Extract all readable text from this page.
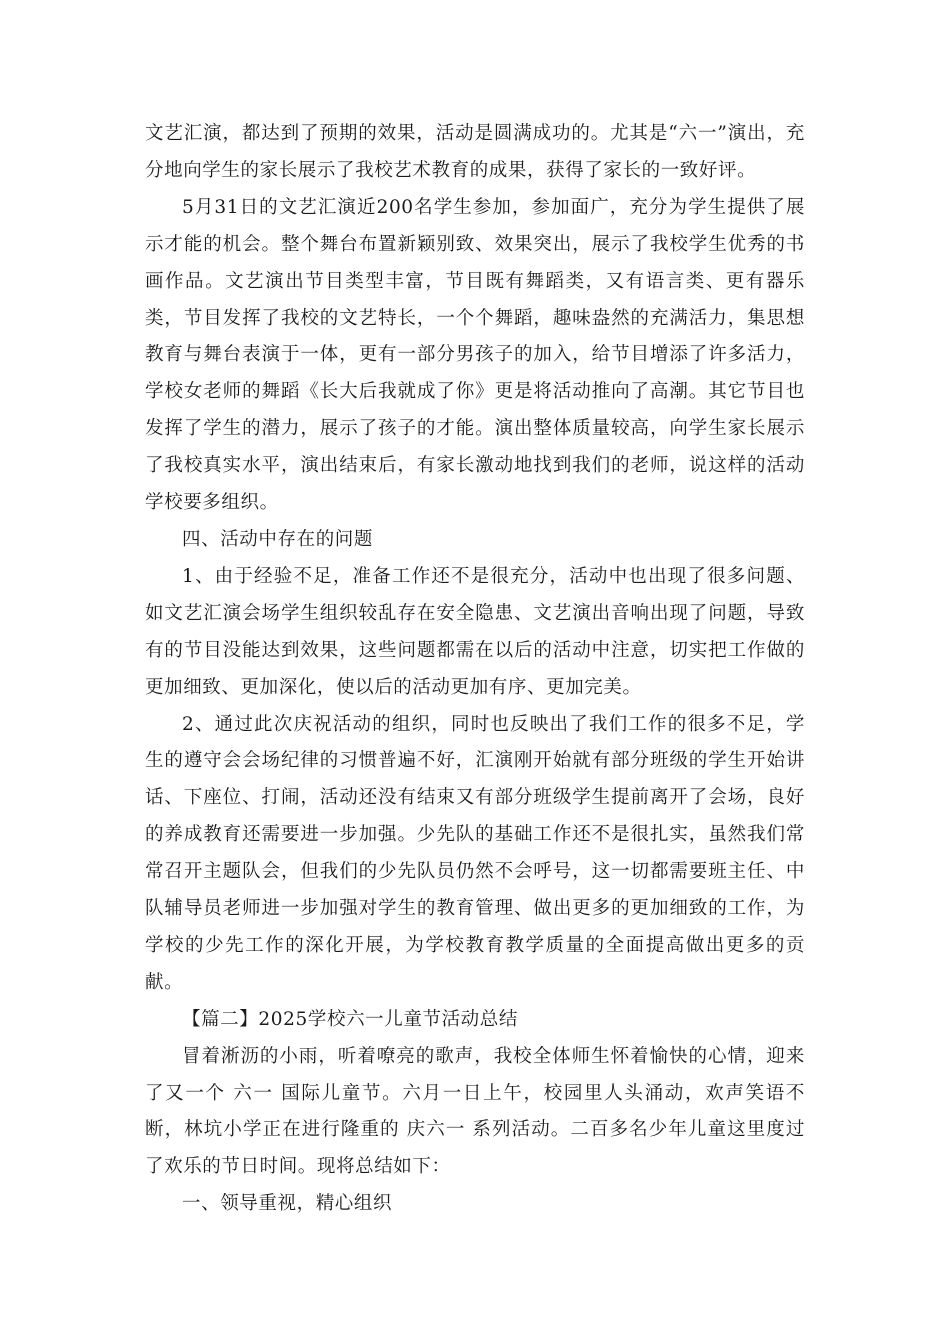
文艺汇演，都达到了预期的效果，活动是圆满成功的。尤其是“六一”演出，充分地向学生的家长展示了我校艺术教育的成果，获得了家长的一致好评。

5月31日的文艺汇演近200名学生参加，参加面广，充分为学生提供了展示才能的机会。整个舞台布置新颖别致、效果突出，展示了我校学生优秀的书画作品。文艺演出节目类型丰富，节目既有舞蹈类，又有语言类、更有器乐类，节目发挥了我校的文艺特长，一个个舞蹈，趣味盎然的充满活力，集思想教育与舞台表演于一体，更有一部分男孩子的加入，给节目增添了许多活力，学校女老师的舞蹈《长大后我就成了你》更是将活动推向了高潮。其它节目也发挥了学生的潜力，展示了孩子的才能。演出整体质量较高，向学生家长展示了我校真实水平，演出结束后，有家长激动地找到我们的老师，说这样的活动学校要多组织。

四、活动中存在的问题

1、由于经验不足，准备工作还不是很充分，活动中也出现了很多问题、如文艺汇演会场学生组织较乱存在安全隐患、文艺演出音响出现了问题，导致有的节目没能达到效果，这些问题都需在以后的活动中注意，切实把工作做的更加细致、更加深化，使以后的活动更加有序、更加完美。

2、通过此次庆祝活动的组织，同时也反映出了我们工作的很多不足，学生的遵守会会场纪律的习惯普遍不好，汇演刚开始就有部分班级的学生开始讲话、下座位、打闹，活动还没有结束又有部分班级学生提前离开了会场，良好的养成教育还需要进一步加强。少先队的基础工作还不是很扎实，虽然我们常常召开主题队会，但我们的少先队员仍然不会呼号，这一切都需要班主任、中队辅导员老师进一步加强对学生的教育管理、做出更多的更加细致的工作，为学校的少先工作的深化开展，为学校教育教学质量的全面提高做出更多的贡献。

【篇二】2025学校六一儿童节活动总结

冒着淅沥的小雨，听着嘹亮的歌声，我校全体师生怀着愉快的心情，迎来了又一个 六一 国际儿童节。六月一日上午，校园里人头涌动，欢声笑语不断，林坑小学正在进行隆重的 庆六一 系列活动。二百多名少年儿童这里度过了欢乐的节日时间。现将总结如下：

一、领导重视，精心组织
